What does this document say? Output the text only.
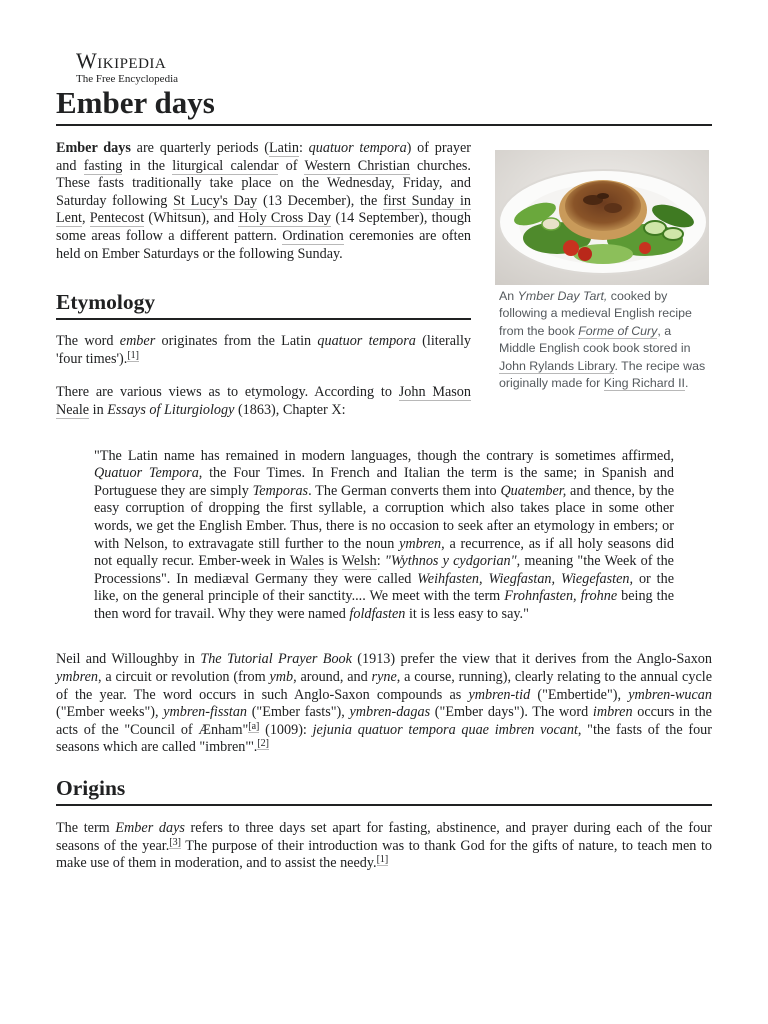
Wikipedia
The Free Encyclopedia
Ember days
An Ymber Day Tart, cooked by following a medieval English recipe from the book Forme of Cury, a Middle English cook book stored in John Rylands Library. The recipe was originally made for King Richard II.

Ember days are quarterly periods (Latin: quatuor tempora) of prayer and fasting in the liturgical calendar of Western Christian churches. These fasts traditionally take place on the Wednesday, Friday, and Saturday following St Lucy's Day (13 December), the first Sunday in Lent, Pentecost (Whitsun), and Holy Cross Day (14 September), though some areas follow a different pattern. Ordination ceremonies are often held on Ember Saturdays or the following Sunday.

Etymology

The word ember originates from the Latin quatuor tempora (literally 'four times').[1]

There are various views as to etymology. According to John Mason Neale in Essays of Liturgiology (1863), Chapter X:

"The Latin name has remained in modern languages, though the contrary is sometimes affirmed, Quatuor Tempora, the Four Times. In French and Italian the term is the same; in Spanish and Portuguese they are simply Temporas. The German converts them into Quatember, and thence, by the easy corruption of dropping the first syllable, a corruption which also takes place in some other words, we get the English Ember. Thus, there is no occasion to seek after an etymology in embers; or with Nelson, to extravagate still further to the noun ymbren, a recurrence, as if all holy seasons did not equally recur. Ember-week in Wales is Welsh: "Wythnos y cydgorian", meaning "the Week of the Processions". In mediæval Germany they were called Weihfasten, Wiegfastan, Wiegefasten, or the like, on the general principle of their sanctity.... We meet with the term Frohnfasten, frohne being the then word for travail. Why they were named foldfasten it is less easy to say."

Neil and Willoughby in The Tutorial Prayer Book (1913) prefer the view that it derives from the Anglo-Saxon ymbren, a circuit or revolution (from ymb, around, and ryne, a course, running), clearly relating to the annual cycle of the year. The word occurs in such Anglo-Saxon compounds as ymbren-tid ("Embertide"), ymbren-wucan ("Ember weeks"), ymbren-fisstan ("Ember fasts"), ymbren-dagas ("Ember days"). The word imbren occurs in the acts of the "Council of Ænham"[a] (1009): jejunia quatuor tempora quae imbren vocant, "the fasts of the four seasons which are called "imbren"'.[2]

Origins

The term Ember days refers to three days set apart for fasting, abstinence, and prayer during each of the four seasons of the year.[3] The purpose of their introduction was to thank God for the gifts of nature, to teach men to make use of them in moderation, and to assist the needy.[1]
